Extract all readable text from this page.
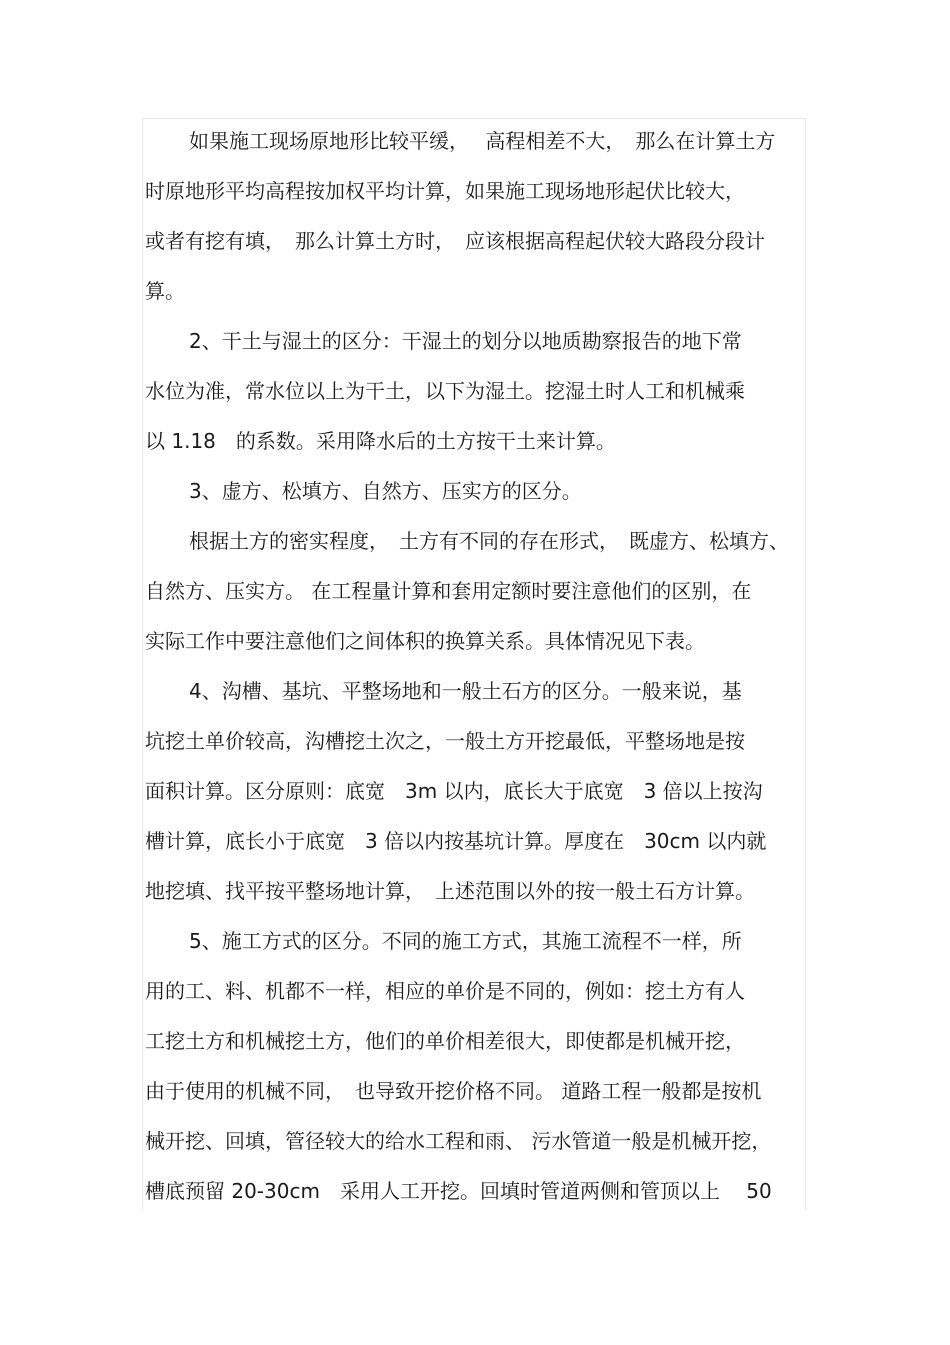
如果施工现场原地形比较平缓，　 高程相差不大，　那么在计算土方
时原地形平均高程按加权平均计算，如果施工现场地形起伏比较大，
或者有挖有填，　那么计算土方时，　应该根据高程起伏较大路段分段计
算。
2、干土与湿土的区分：干湿土的划分以地质勘察报告的地下常
水位为准，常水位以上为干土，以下为湿土。挖湿土时人工和机械乘
以 1.18　的系数。采用降水后的土方按干土来计算。
3、虚方、松填方、自然方、压实方的区分。
根据土方的密实程度，　土方有不同的存在形式，　既虚方、松填方、
自然方、压实方。 在工程量计算和套用定额时要注意他们的区别，在
实际工作中要注意他们之间体积的换算关系。具体情况见下表。
4、沟槽、基坑、平整场地和一般土石方的区分。一般来说，基
坑挖土单价较高，沟槽挖土次之，一般土方开挖最低，平整场地是按
面积计算。区分原则：底宽　3m 以内，底长大于底宽　3 倍以上按沟
槽计算，底长小于底宽　3 倍以内按基坑计算。厚度在　30cm 以内就
地挖填、找平按平整场地计算，　上述范围以外的按一般土石方计算。
5、施工方式的区分。不同的施工方式，其施工流程不一样，所
用的工、料、机都不一样，相应的单价是不同的，例如：挖土方有人
工挖土方和机械挖土方，他们的单价相差很大，即使都是机械开挖，
由于使用的机械不同，　也导致开挖价格不同。 道路工程一般都是按机
械开挖、回填，管径较大的给水工程和雨、 污水管道一般是机械开挖，
槽底预留 20-30cm　采用人工开挖。回填时管道两侧和管顶以上　 50
